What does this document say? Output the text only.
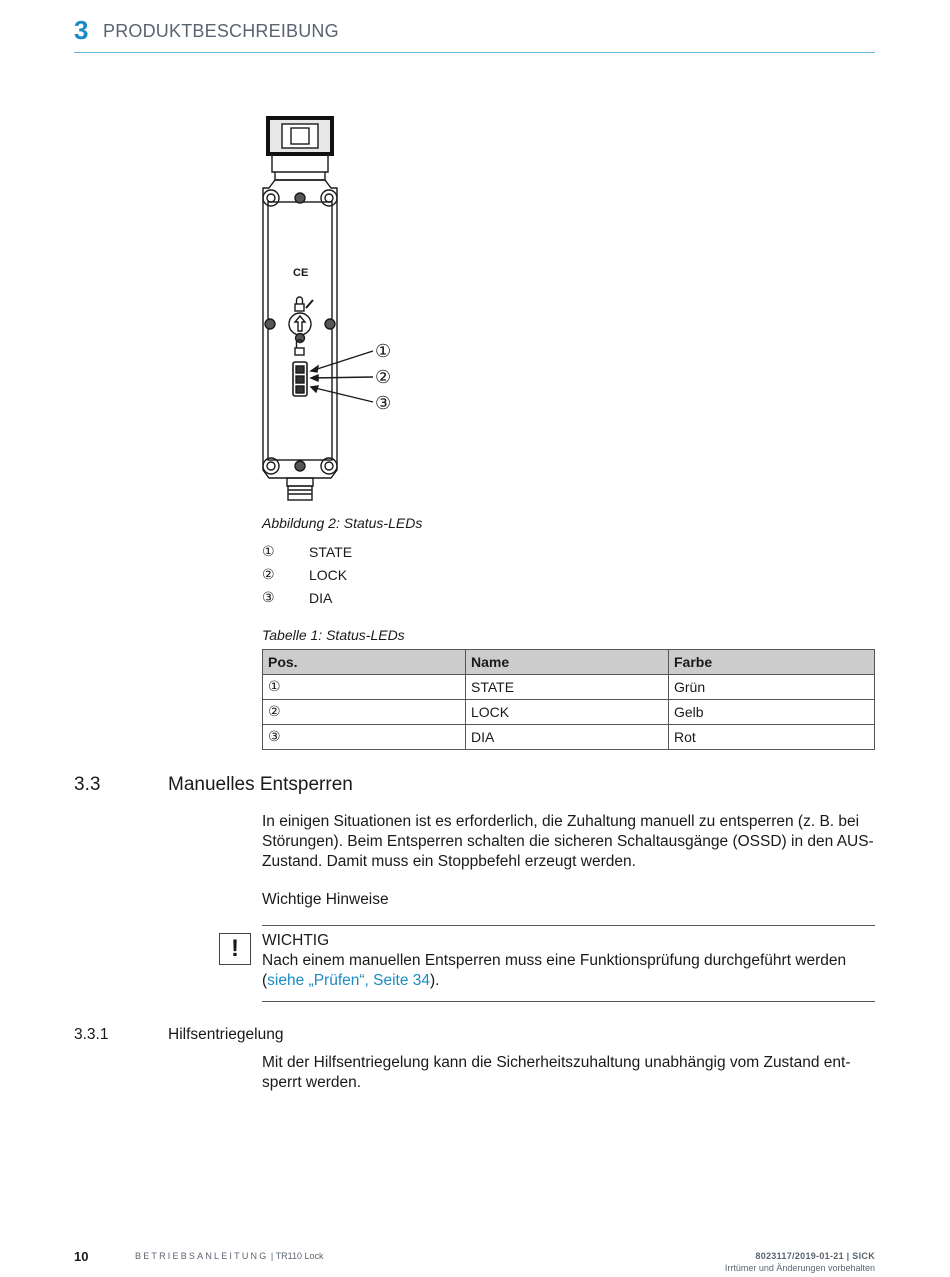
3 PRODUKTBESCHREIBUNG
CE
①
②
③
Abbildung 2: Status-LEDs
①	STATE
②	LOCK
③	DIA
Tabelle 1: Status-LEDs
Pos.	Name	Farbe
①	STATE	Grün
②	LOCK	Gelb
③	DIA	Rot
3.3	Manuelles Entsperren
In einigen Situationen ist es erforderlich, die Zuhaltung manuell zu entsperren (z. B. bei Störungen). Beim Entsperren schalten die sicheren Schaltausgänge (OSSD) in den AUS-Zustand. Damit muss ein Stoppbefehl erzeugt werden.
Wichtige Hinweise
!	WICHTIG
Nach einem manuellen Entsperren muss eine Funktionsprüfung durchgeführt werden (siehe „Prüfen“, Seite 34).
3.3.1	Hilfsentriegelung
Mit der Hilfsentriegelung kann die Sicherheitszuhaltung unabhängig vom Zustand entsperrt werden.
10	BETRIEBSANLEITUNG | TR110 Lock	8023117/2019-01-21 | SICK
Irrtümer und Änderungen vorbehalten
